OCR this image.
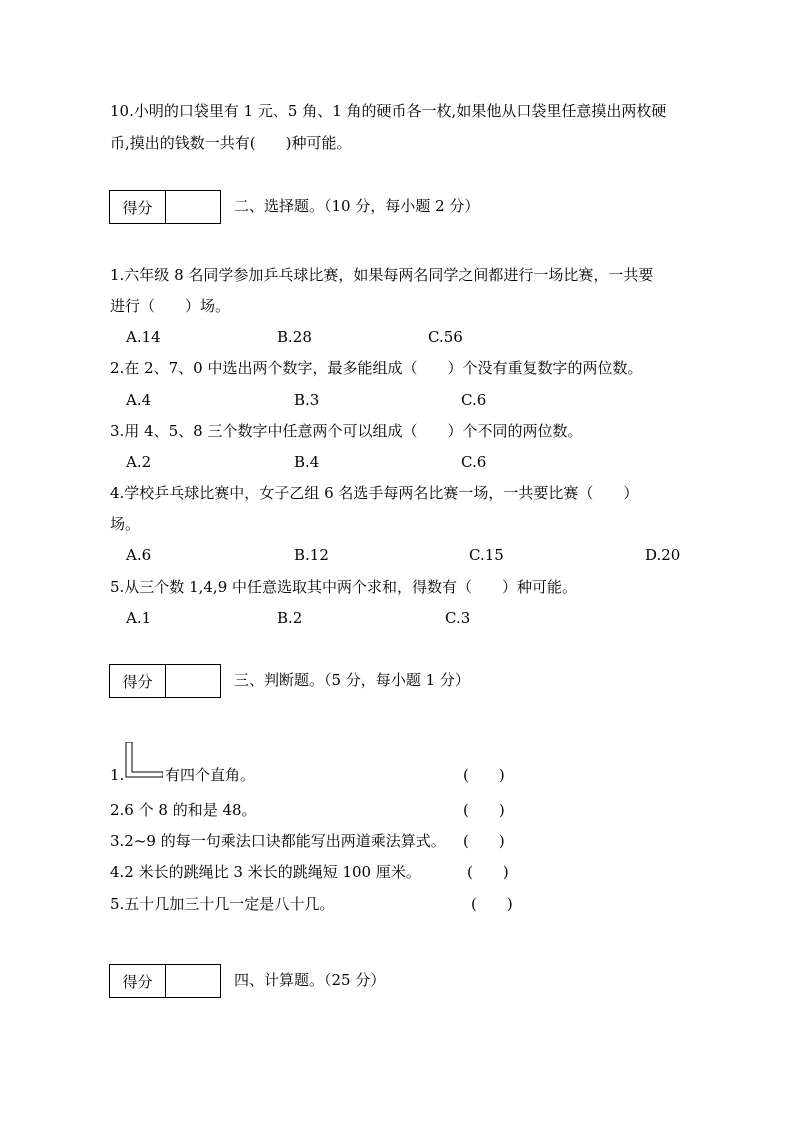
10.小明的口袋里有 1 元、5 角、1 角的硬币各一枚,如果他从口袋里任意摸出两枚硬
币,摸出的钱数一共有(　　)种可能。
得分	二、选择题。（10 分，每小题 2 分）
1.六年级 8 名同学参加乒乓球比赛，如果每两名同学之间都进行一场比赛，一共要
进行（　　）场。
A.14	B.28	C.56
2.在 2、7、0 中选出两个数字，最多能组成（　　）个没有重复数字的两位数。
A.4	B.3	C.6
3.用 4、5、8 三个数字中任意两个可以组成（　　）个不同的两位数。
A.2	B.4	C.6
4.学校乒乓球比赛中，女子乙组 6 名选手每两名比赛一场，一共要比赛（　　）
场。
A.6	B.12	C.15	D.20
5.从三个数 1,4,9 中任意选取其中两个求和，得数有（　　）种可能。
A.1	B.2	C.3
得分	三、判断题。（5 分，每小题 1 分）
1.	有四个直角。	(　　)
2.6 个 8 的和是 48。	(　　)
3.2~9 的每一句乘法口诀都能写出两道乘法算式。 (　　)
4.2 米长的跳绳比 3 米长的跳绳短 100 厘米。	(　　)
5.五十几加三十几一定是八十几。	(　　)
得分	四、计算题。（25 分）
